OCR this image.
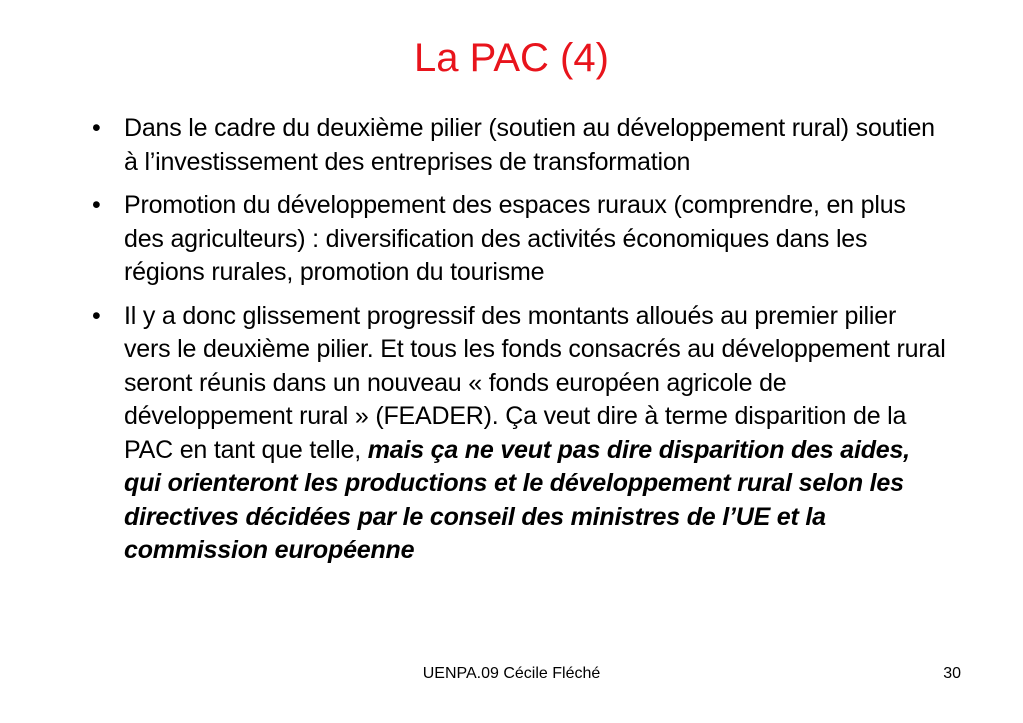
La PAC (4)
• Dans le cadre du deuxième pilier (soutien au développement rural) soutien à l’investissement des entreprises de transformation
• Promotion du développement des espaces ruraux (comprendre, en plus des agriculteurs) : diversification des activités économiques dans les régions rurales, promotion du tourisme
• Il y a donc glissement progressif des montants alloués au premier pilier vers le deuxième pilier. Et tous les fonds consacrés au développement rural seront réunis dans un nouveau « fonds européen agricole de développement rural » (FEADER). Ça veut dire à terme disparition de la PAC en tant que telle, mais ça ne veut pas dire disparition des aides, qui orienteront les productions et le développement rural selon les directives décidées par le conseil des ministres de l’UE et la commission européenne
UENPA.09 Cécile Fléché	30
